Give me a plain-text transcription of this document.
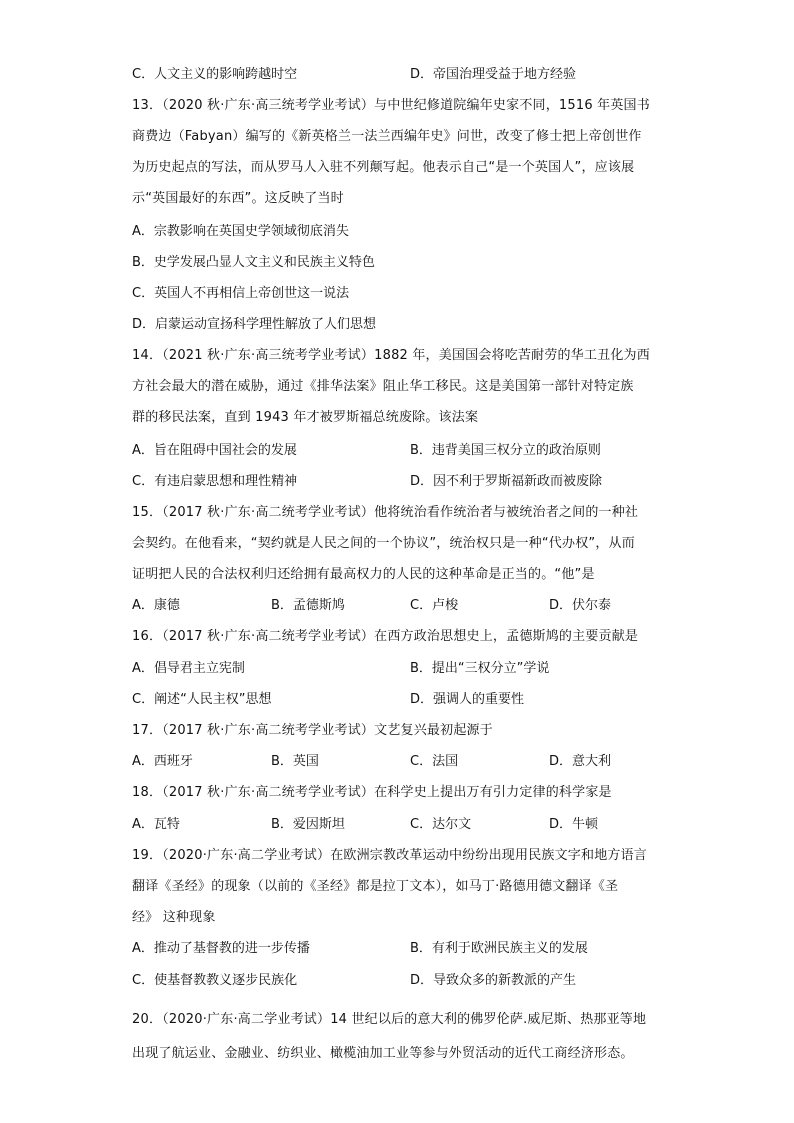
C．人文主义的影响跨越时空	D．帝国治理受益于地方经验
13．（2020 秋·广东·高三统考学业考试）与中世纪修道院编年史家不同，1516 年英国书
商费边（Fabyan）编写的《新英格兰一法兰西编年史》问世，改变了修士把上帝创世作
为历史起点的写法，而从罗马人入驻不列颠写起。他表示自己“是一个英国人”，应该展
示“英国最好的东西”。这反映了当时
A．宗教影响在英国史学领域彻底消失
B．史学发展凸显人文主义和民族主义特色
C．英国人不再相信上帝创世这一说法
D．启蒙运动宣扬科学理性解放了人们思想
14．（2021 秋·广东·高三统考学业考试）1882 年，美国国会将吃苦耐劳的华工丑化为西
方社会最大的潜在威胁，通过《排华法案》阻止华工移民。这是美国第一部针对特定族
群的移民法案，直到 1943 年才被罗斯福总统废除。该法案
A．旨在阻碍中国社会的发展	B．违背美国三权分立的政治原则
C．有违启蒙思想和理性精神	D．因不利于罗斯福新政而被废除
15．（2017 秋·广东·高二统考学业考试）他将统治看作统治者与被统治者之间的一种社
会契约。在他看来，“契约就是人民之间的一个协议”，统治权只是一种“代办权”，从而
证明把人民的合法权利归还给拥有最高权力的人民的这种革命是正当的。“他”是
A．康德	B．孟德斯鸠	C．卢梭	D．伏尔泰
16．（2017 秋·广东·高二统考学业考试）在西方政治思想史上，孟德斯鸠的主要贡献是
A．倡导君主立宪制	B．提出“三权分立”学说
C．阐述“人民主权”思想	D．强调人的重要性
17．（2017 秋·广东·高二统考学业考试）文艺复兴最初起源于
A．西班牙	B．英国	C．法国	D．意大利
18．（2017 秋·广东·高二统考学业考试）在科学史上提出万有引力定律的科学家是
A．瓦特	B．爱因斯坦	C．达尔文	D．牛顿
19．（2020·广东·高二学业考试）在欧洲宗教改革运动中纷纷出现用民族文字和地方语言
翻译《圣经》的现象（以前的《圣经》都是拉丁文本），如马丁·路德用德文翻译《圣
经》 这种现象
A．推动了基督教的进一步传播	B．有利于欧洲民族主义的发展
C．使基督教教义逐步民族化	D．导致众多的新教派的产生
20．（2020·广东·高二学业考试）14 世纪以后的意大利的佛罗伦萨.威尼斯、热那亚等地
出现了航运业、金融业、纺织业、橄榄油加工业等参与外贸活动的近代工商经济形态。
